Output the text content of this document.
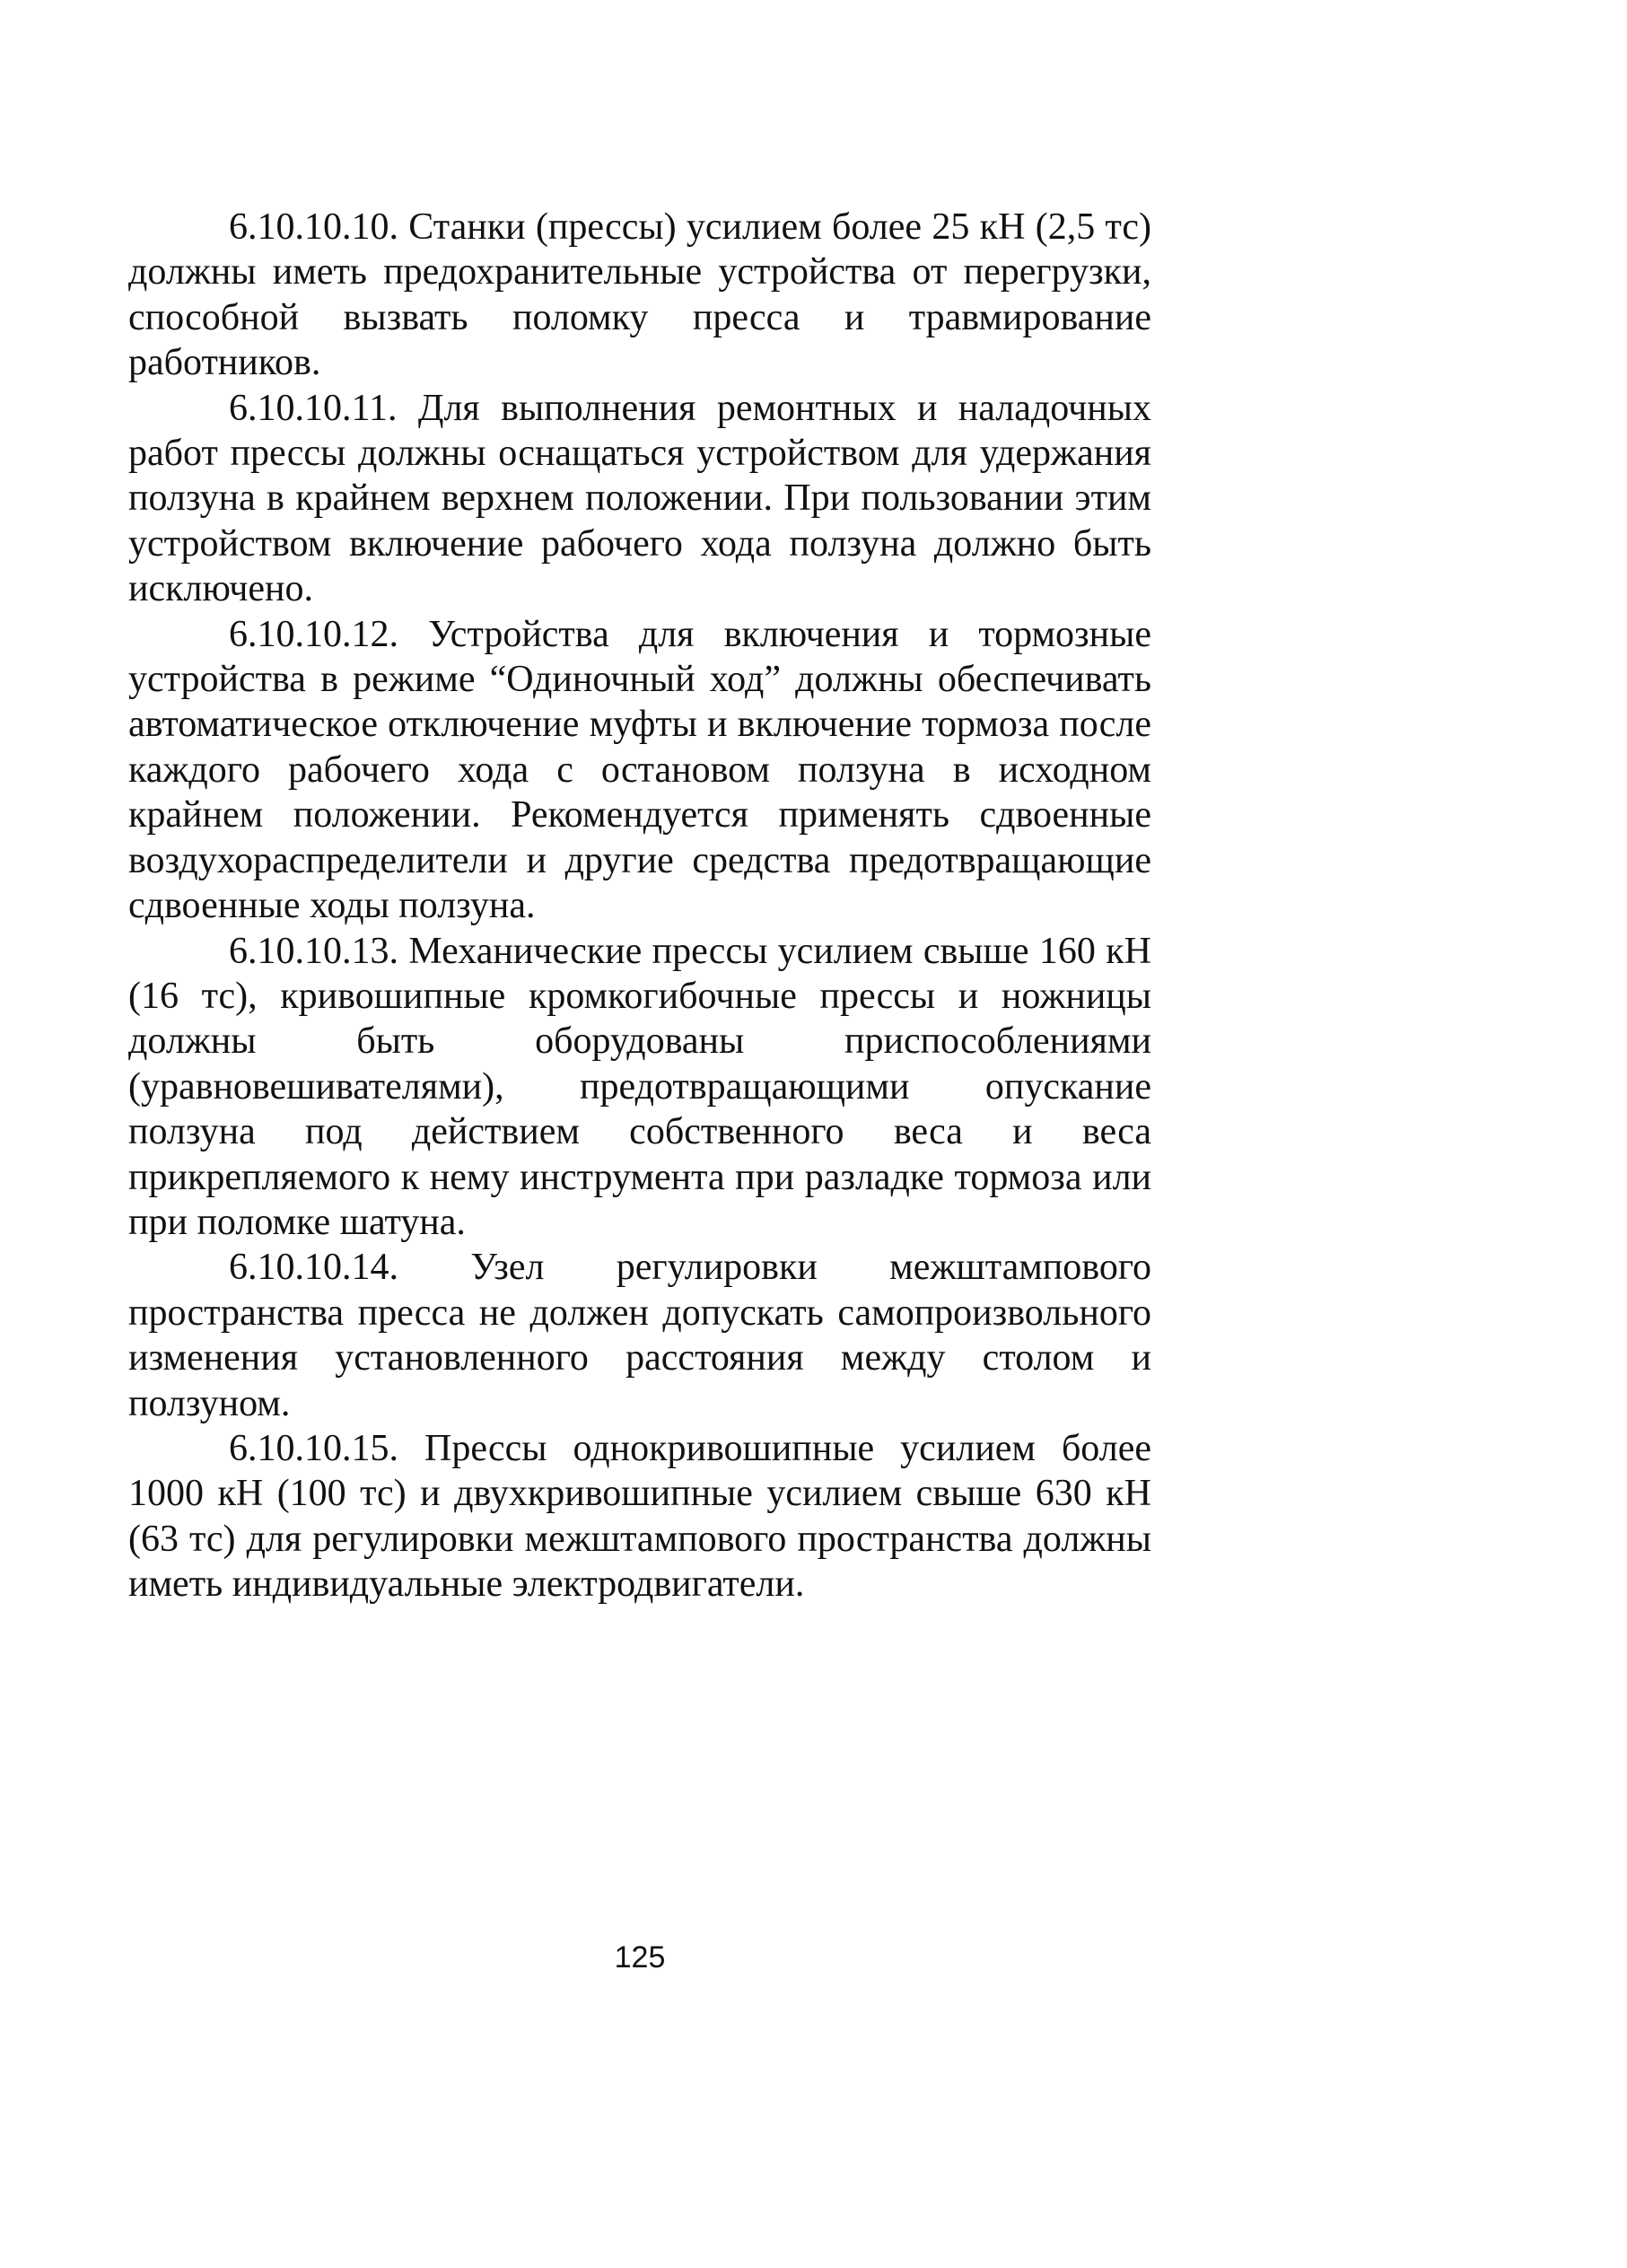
6.10.10.10. Станки (прессы) усилием более 25 кН (2,5 тс) должны иметь предохранительные устройства от перегрузки, способной вызвать поломку пресса и травмирование работников.

6.10.10.11. Для выполнения ремонтных и наладочных работ прессы должны оснащаться устройством для удержания ползуна в крайнем верхнем положении. При пользовании этим устройством включение рабочего хода ползуна должно быть исключено.

6.10.10.12. Устройства для включения и тормозные устройства в режиме “Одиночный ход” должны обеспечивать автоматическое отключение муфты и включение тормоза после каждого рабочего хода с остановом ползуна в исходном крайнем положении. Рекомендуется применять сдвоенные воздухораспределители и другие средства предотвращающие сдвоенные ходы ползуна.

6.10.10.13. Механические прессы усилием свыше 160 кН (16 тс), кривошипные кромкогибочные прессы и ножницы должны быть оборудованы приспособлениями (уравновешивателями), предотвращающими опускание ползуна под действием собственного веса и веса прикрепляемого к нему инструмента при разладке тормоза или при поломке шатуна.

6.10.10.14. Узел регулировки межштампового пространства пресса не должен допускать самопроизвольного изменения установленного расстояния между столом и ползуном.

6.10.10.15. Прессы однокривошипные усилием более 1000 кН (100 тс) и двухкривошипные усилием свыше 630 кН (63 тс) для регулировки межштампового пространства должны иметь индивидуальные электродвигатели.

125
